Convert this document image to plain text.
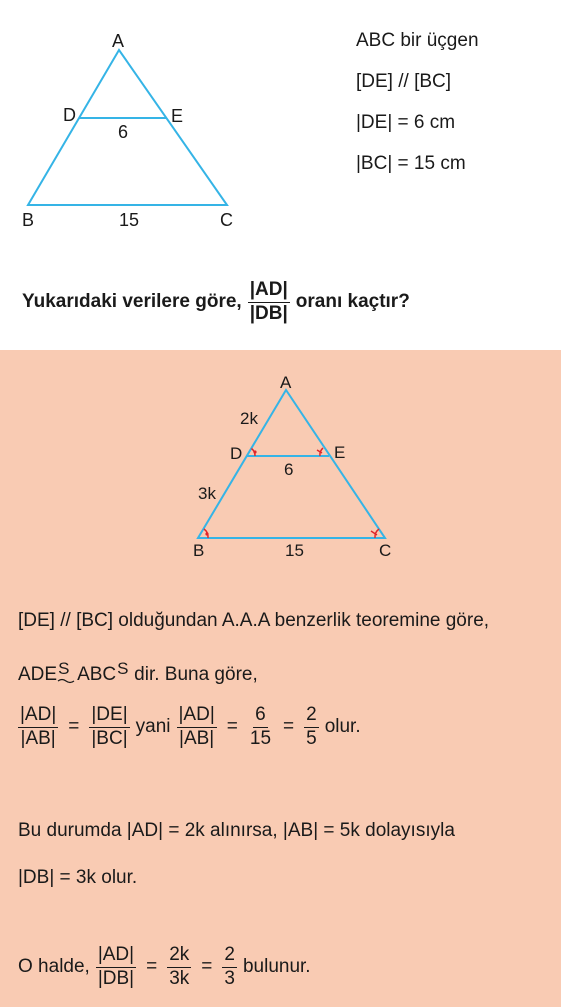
A
D	E
6
B	15	C
ABC bir üçgen
[DE] // [BC]
|DE| = 6 cm
|BC| = 15 cm
Yukarıdaki verilere göre, $\frac{|AD|}{|DB|}$ oranı kaçtır?
A
2k
D	E
6
3k
B	15	C
[DE] // [BC] olduğundan A.A.A benzerlik teoremine göre,
ADE S ABC S dir. Buna göre,
$\frac{|AD|}{|AB|} = \frac{|DE|}{|BC|}$ yani $\frac{|AD|}{|AB|} = \frac{6}{15} = \frac{2}{5}$ olur.
Bu durumda |AD| = 2k alınırsa, |AB| = 5k dolayısıyla
|DB| = 3k olur.
O halde, $\frac{|AD|}{|DB|} = \frac{2k}{3k} = \frac{2}{3}$ bulunur.
